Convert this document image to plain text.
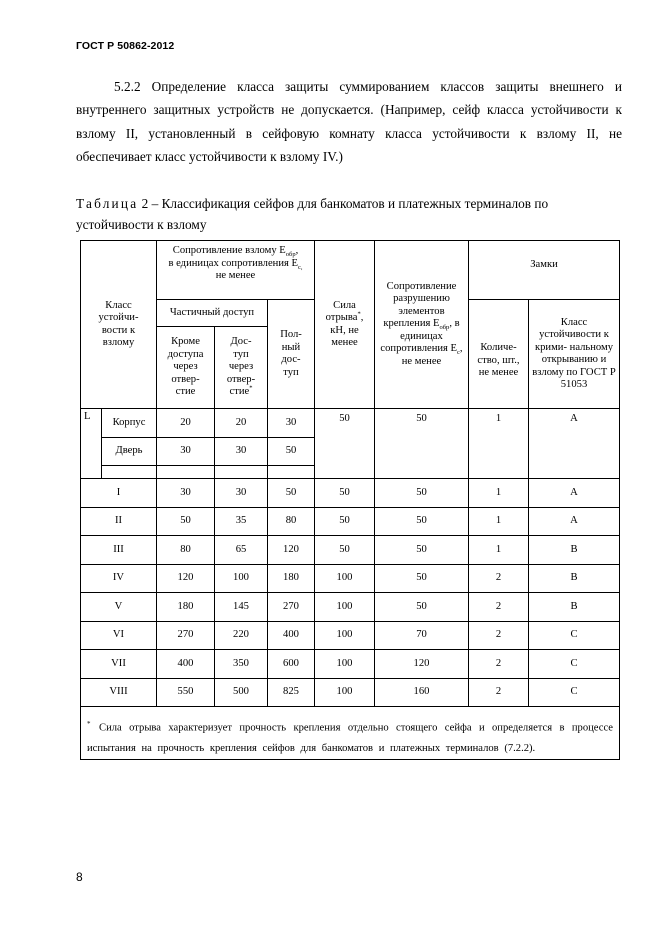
ГОСТ Р 50862-2012
5.2.2 Определение класса защиты суммированием классов защиты внешнего и внутреннего защитных устройств не допускается. (Например, сейф класса устойчивости к взлому II, установленный в сейфовую комнату класса устойчивоcти к взлому II, не обеспечивает класс устойчивости к взлому IV.)
Таблица 2 – Классификация сейфов для банкоматов и платежных терминалов по устойчивости к взлому
Класс устойчи- вости к взлому		Сопротивление взлому $E_{обр}$,
в единицах сопротивления $E_{c,}$
не менее			Сила отрыва*, кН, не менее	Сопротивление разрушению элементов крепления $E_{обр}$, в единицах сопротивления $E_c$, не менее	Замки	

		Частичный доступ		Пол- ный дос- туп			Количе- ство, шт., не менее	Класс устойчивости к крими- нальному открыванию и взлому по ГОСТ Р 51053

		Кроме доступа через отвер- стие	Дос- туп через отвер- стие*

L	Корпус	20	20	30	50	50	1	A
	Дверь	30	30	50				

I		30	30	50	50	50	1	A
II		50	35	80	50	50	1	A
III		80	65	120	50	50	1	B
IV		120	100	180	100	50	2	B
V		180	145	270	100	50	2	B
VI		270	220	400	100	70	2	C
VII		400	350	600	100	120	2	C
VIII		550	500	825	100	160	2	C
* Сила отрыва характеризует прочность крепления отдельно стоящего сейфа и определяется в процессе испытания на прочность крепления сейфов для банкоматов и платежных терминалов (7.2.2).								
8
